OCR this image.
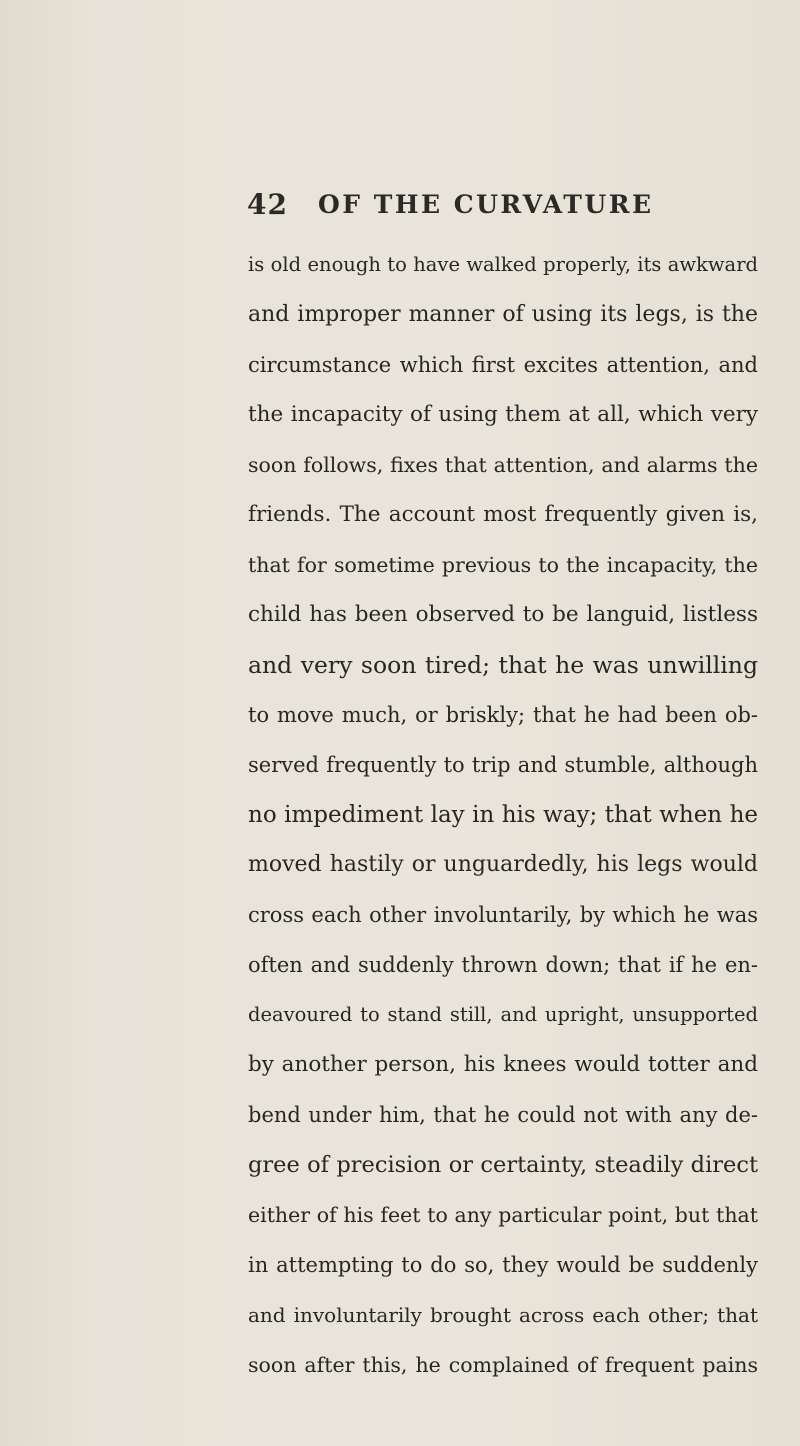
42 OF THE CURVATURE
is old enough to have walked properly, its awkward
and improper manner of using its legs, is the
circumstance which first excites attention, and
the incapacity of using them at all, which very
soon follows, fixes that attention, and alarms the
friends. The account most frequently given is,
that for sometime previous to the incapacity, the
child has been observed to be languid, listless
and very soon tired; that he was unwilling
to move much, or briskly; that he had been ob-
served frequently to trip and stumble, although
no impediment lay in his way; that when he
moved hastily or unguardedly, his legs would
cross each other involuntarily, by which he was
often and suddenly thrown down; that if he en-
deavoured to stand still, and upright, unsupported
by another person, his knees would totter and
bend under him, that he could not with any de-
gree of precision or certainty, steadily direct
either of his feet to any particular point, but that
in attempting to do so, they would be suddenly
and involuntarily brought across each other; that
soon after this, he complained of frequent pains
